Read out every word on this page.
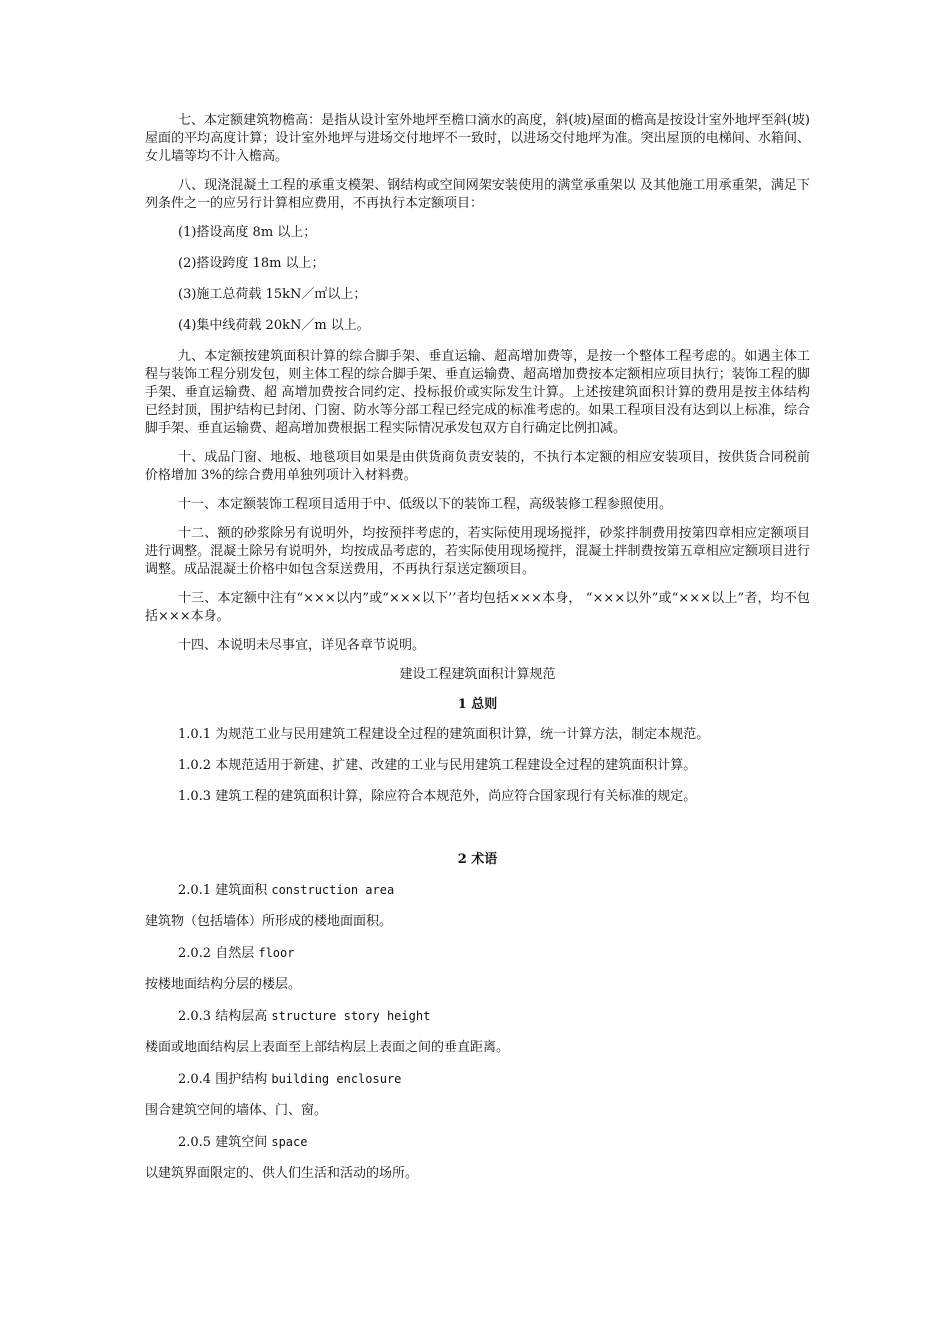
七、本定额建筑物檐高：是指从设计室外地坪至檐口滴水的高度，斜(坡)屋面的檐高是按设计室外地坪至斜(坡)屋面的平均高度计算；设计室外地坪与进场交付地坪不一致时，以进场交付地坪为准。突出屋顶的电梯间、水箱间、女儿墙等均不计入檐高。

八、现浇混凝土工程的承重支模架、钢结构或空间网架安装使用的满堂承重架以 及其他施工用承重架，满足下列条件之一的应另行计算相应费用，不再执行本定额项目：

(1)搭设高度 8m 以上；

(2)搭设跨度 18m 以上；

(3)施工总荷载 15kN／㎡以上；

(4)集中线荷载 20kN／m 以上。

九、本定额按建筑面积计算的综合脚手架、垂直运输、超高增加费等，是按一个整体工程考虑的。如遇主体工程与装饰工程分别发包，则主体工程的综合脚手架、垂直运输费、超高增加费按本定额相应项目执行；装饰工程的脚手架、垂直运输费、超 高增加费按合同约定、投标报价或实际发生计算。上述按建筑面积计算的费用是按主体结构已经封顶，围护结构已封闭、门窗、防水等分部工程已经完成的标准考虑的。如果工程项目没有达到以上标准，综合脚手架、垂直运输费、超高增加费根据工程实际情况承发包双方自行确定比例扣减。

十、成品门窗、地板、地毯项目如果是由供货商负责安装的，不执行本定额的相应安装项目，按供货合同税前价格增加 3%的综合费用单独列项计入材料费。

十一、本定额装饰工程项目适用于中、低级以下的装饰工程，高级装修工程参照使用。

十二、额的砂浆除另有说明外，均按预拌考虑的，若实际使用现场搅拌，砂浆拌制费用按第四章相应定额项目进行调整。混凝土除另有说明外，均按成品考虑的，若实际使用现场搅拌，混凝土拌制费按第五章相应定额项目进行调整。成品混凝土价格中如包含泵送费用，不再执行泵送定额项目。

十三、本定额中注有“×××以内”或“×××以下’’者均包括×××本身， “×××以外”或“×××以上”者，均不包括×××本身。

十四、本说明未尽事宜，详见各章节说明。

建设工程建筑面积计算规范

1 总则

1.0.1 为规范工业与民用建筑工程建设全过程的建筑面积计算，统一计算方法，制定本规范。

1.0.2 本规范适用于新建、扩建、改建的工业与民用建筑工程建设全过程的建筑面积计算。

1.0.3 建筑工程的建筑面积计算，除应符合本规范外，尚应符合国家现行有关标准的规定。

2 术语

2.0.1 建筑面积 construction area

建筑物（包括墙体）所形成的楼地面面积。

2.0.2 自然层 floor

按楼地面结构分层的楼层。

2.0.3 结构层高 structure story height

楼面或地面结构层上表面至上部结构层上表面之间的垂直距离。

2.0.4 围护结构 building enclosure

围合建筑空间的墙体、门、窗。

2.0.5 建筑空间 space

以建筑界面限定的、供人们生活和活动的场所。
